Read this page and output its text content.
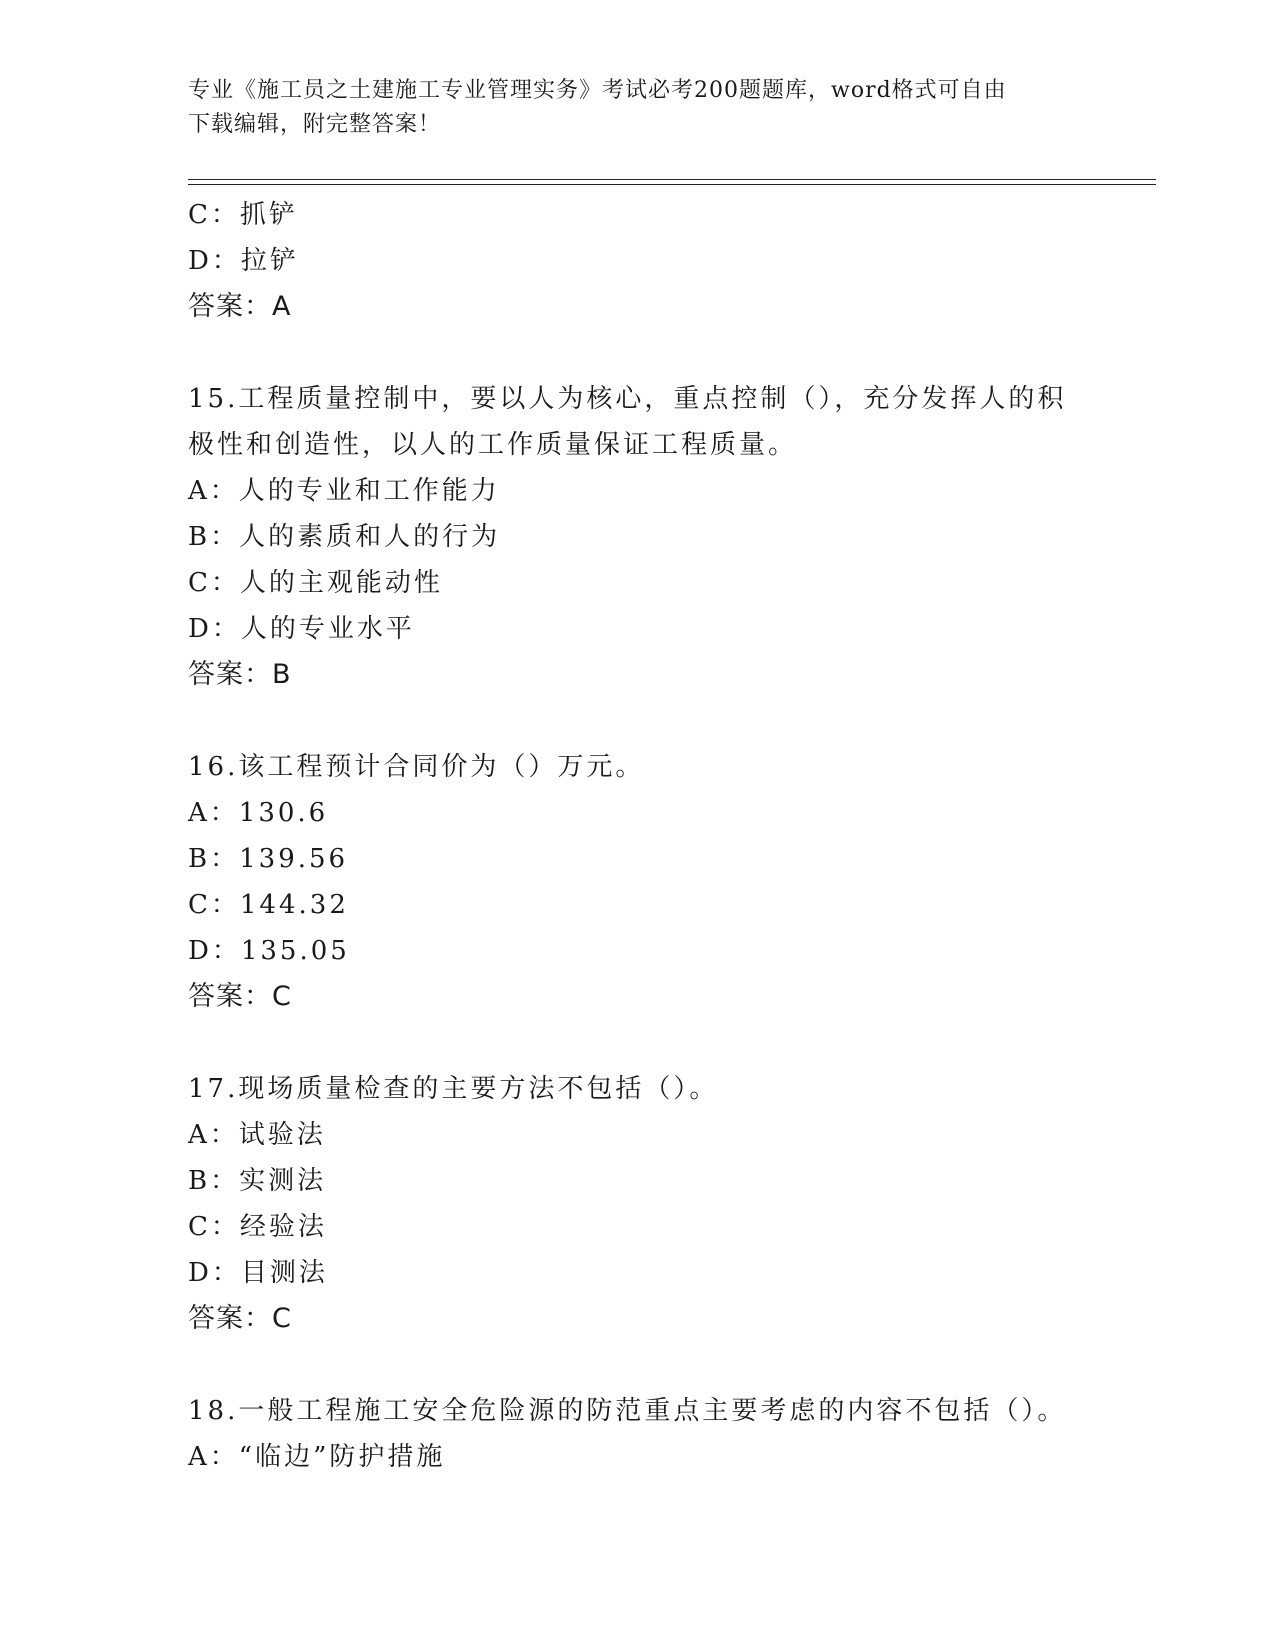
专业《施工员之土建施工专业管理实务》考试必考200题题库，word格式可自由
下载编辑，附完整答案！
C：抓铲
D：拉铲
答案：A
15.工程质量控制中，要以人为核心，重点控制（），充分发挥人的积
极性和创造性，以人的工作质量保证工程质量。
A：人的专业和工作能力
B：人的素质和人的行为
C：人的主观能动性
D：人的专业水平
答案：B
16.该工程预计合同价为（）万元。
A：130.6
B：139.56
C：144.32
D：135.05
答案：C
17.现场质量检查的主要方法不包括（）。
A：试验法
B：实测法
C：经验法
D：目测法
答案：C
18.一般工程施工安全危险源的防范重点主要考虑的内容不包括（）。
A：“临边”防护措施
